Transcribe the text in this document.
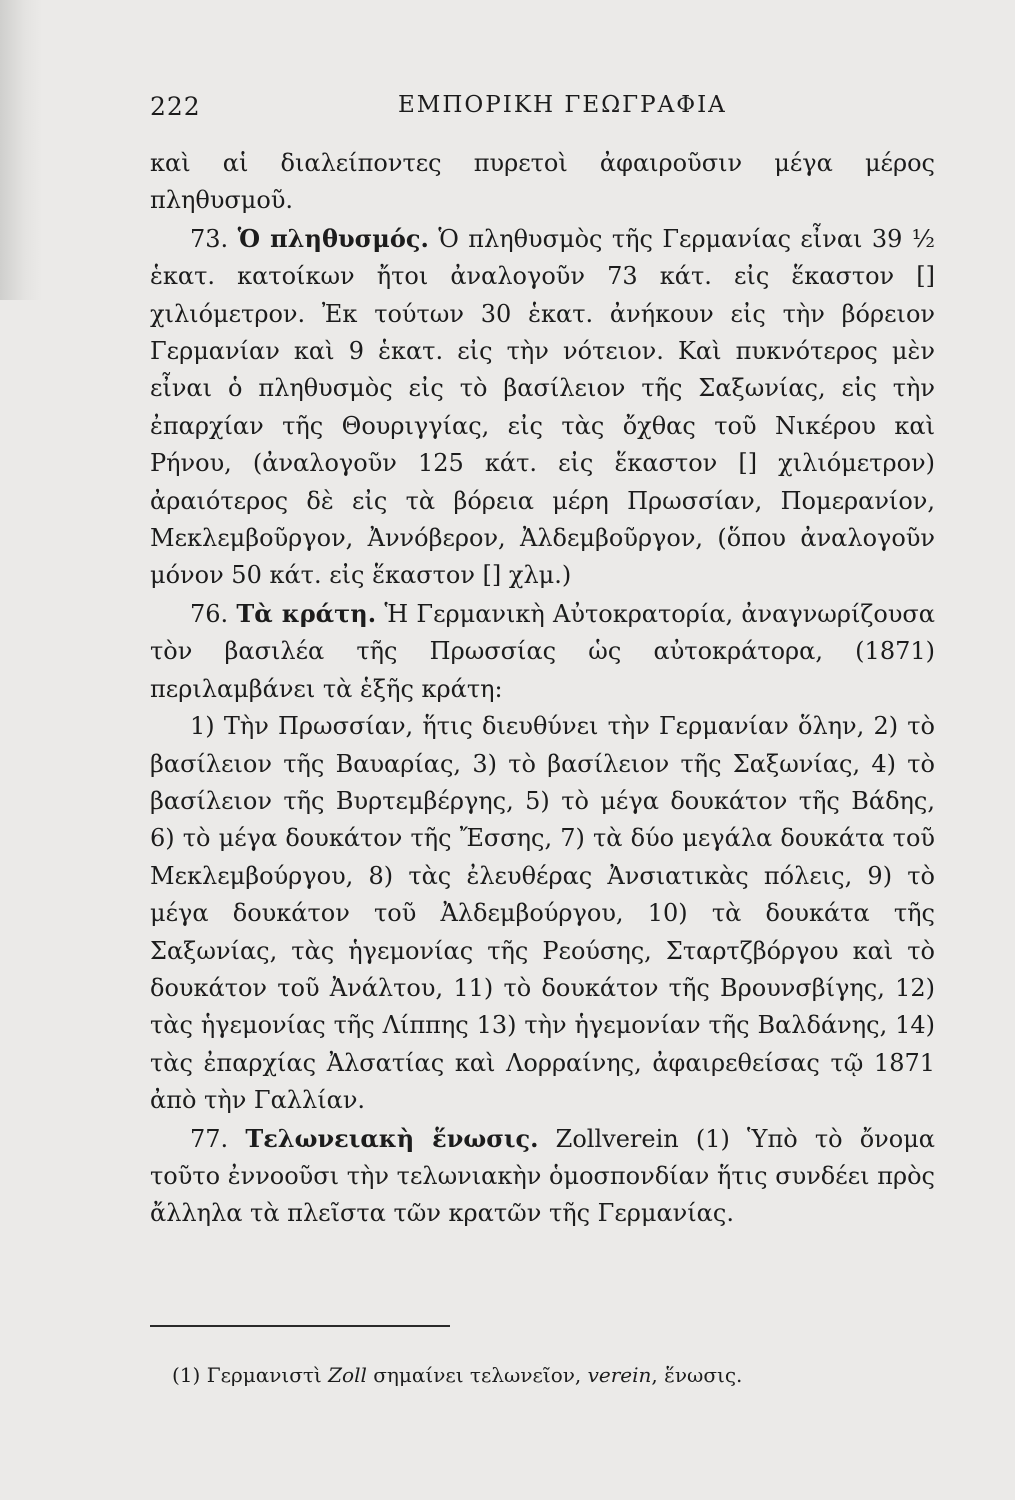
222	ΕΜΠΟΡΙΚΗ ΓΕΩΓΡΑΦΙΑ

καὶ αἱ διαλείποντες πυρετοὶ ἀφαιροῦσιν μέγα μέρος πληθυσμοῦ.

73. Ὁ πληθυσμός. Ὁ πληθυσμὸς τῆς Γερμανίας εἶναι 39 ½ ἑκατ. κατοίκων ἤτοι ἀναλογοῦν 73 κάτ. εἰς ἕκαστον [] χιλιόμετρον. Ἐκ τούτων 30 ἑκατ. ἀνήκουν εἰς τὴν βόρειον Γερμανίαν καὶ 9 ἑκατ. εἰς τὴν νότειον. Καὶ πυκνότερος μὲν εἶναι ὁ πληθυσμὸς εἰς τὸ βασίλειον τῆς Σαξωνίας, εἰς τὴν ἐπαρχίαν τῆς Θουριγγίας, εἰς τὰς ὄχθας τοῦ Νικέρου καὶ Ρήνου, (ἀναλογοῦν 125 κάτ. εἰς ἕκαστον [] χιλιόμετρον) ἀραιότερος δὲ εἰς τὰ βόρεια μέρη Πρωσσίαν, Πομερανίον, Μεκλεμβοῦργον, Ἀννόβερον, Ἀλδεμβοῦργον, (ὅπου ἀναλογοῦν μόνον 50 κάτ. εἰς ἕκαστον [] χλμ.)

76. Τὰ κράτη. Ἡ Γερμανικὴ Αὐτοκρατορία, ἀναγνωρίζουσα τὸν βασιλέα τῆς Πρωσσίας ὡς αὐτοκράτορα, (1871) περιλαμβάνει τὰ ἑξῆς κράτη:

1) Τὴν Πρωσσίαν, ἥτις διευθύνει τὴν Γερμανίαν ὅλην, 2) τὸ βασίλειον τῆς Βαυαρίας, 3) τὸ βασίλειον τῆς Σαξωνίας, 4) τὸ βασίλειον τῆς Βυρτεμβέργης, 5) τὸ μέγα δουκάτον τῆς Βάδης, 6) τὸ μέγα δουκάτον τῆς Ἔσσης, 7) τὰ δύο μεγάλα δουκάτα τοῦ Μεκλεμβούργου, 8) τὰς ἐλευθέρας Ἀνσιατικὰς πόλεις, 9) τὸ μέγα δουκάτον τοῦ Ἀλδεμβούργου, 10) τὰ δουκάτα τῆς Σαξωνίας, τὰς ἡγεμονίας τῆς Ρεούσης, Σταρτζβόργου καὶ τὸ δουκάτον τοῦ Ἀνάλτου, 11) τὸ δουκάτον τῆς Βρουνσβίγης, 12) τὰς ἡγεμονίας τῆς Λίππης 13) τὴν ἡγεμονίαν τῆς Βαλδάνης, 14) τὰς ἐπαρχίας Ἀλσατίας καὶ Λορραίνης, ἀφαιρεθείσας τῷ 1871 ἀπὸ τὴν Γαλλίαν.

77. Τελωνειακὴ ἕνωσις. Zollverein (1) Ὑπὸ τὸ ὄνομα τοῦτο ἐννοοῦσι τὴν τελωνιακὴν ὁμοσπονδίαν ἥτις συνδέει πρὸς ἄλληλα τὰ πλεῖστα τῶν κρατῶν τῆς Γερμανίας.

(1) Γερμανιστὶ Zoll σημαίνει τελωνεῖον, verein, ἕνωσις.
